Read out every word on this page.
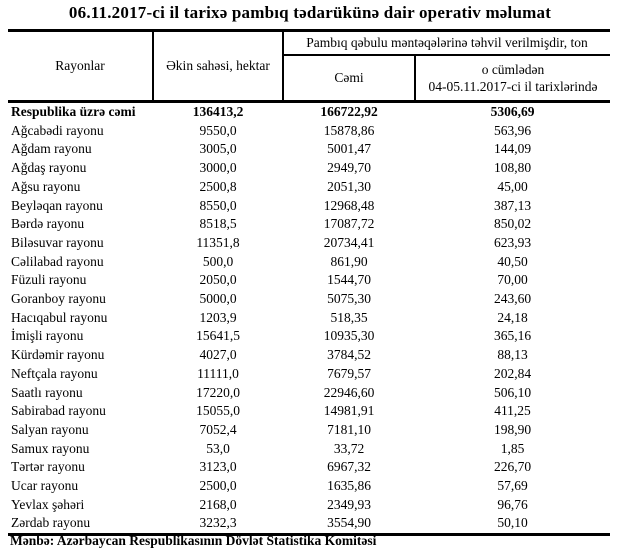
06.11.2017-ci il tarixə pambıq tədarükünə dair operativ məlumat
Rayonlar	Əkin sahəsi, hektar	Pambıq qəbulu məntəqələrinə təhvil verilmişdir, ton	
		Cəmi	o cümlədən
04-05.11.2017-ci il tarixlərində

Respublika üzrə cəmi	136413,2	166722,92	5306,69
Ağcabədi rayonu	9550,0	15878,86	563,96
Ağdam rayonu	3005,0	5001,47	144,09
Ağdaş rayonu	3000,0	2949,70	108,80
Ağsu rayonu	2500,8	2051,30	45,00
Beyləqan rayonu	8550,0	12968,48	387,13
Bərdə rayonu	8518,5	17087,72	850,02
Biləsuvar rayonu	11351,8	20734,41	623,93
Cəlilabad rayonu	500,0	861,90	40,50
Füzuli rayonu	2050,0	1544,70	70,00
Goranboy rayonu	5000,0	5075,30	243,60
Hacıqabul rayonu	1203,9	518,35	24,18
İmişli rayonu	15641,5	10935,30	365,16
Kürdəmir rayonu	4027,0	3784,52	88,13
Neftçala rayonu	11111,0	7679,57	202,84
Saatlı rayonu	17220,0	22946,60	506,10
Sabirabad rayonu	15055,0	14981,91	411,25
Salyan rayonu	7052,4	7181,10	198,90
Samux rayonu	53,0	33,72	1,85
Tərtər rayonu	3123,0	6967,32	226,70
Ucar rayonu	2500,0	1635,86	57,69
Yevlax şəhəri	2168,0	2349,93	96,76
Zərdab rayonu	3232,3	3554,90	50,10
Mənbə: Azərbaycan Respublikasının Dövlət Statistika Komitəsi
